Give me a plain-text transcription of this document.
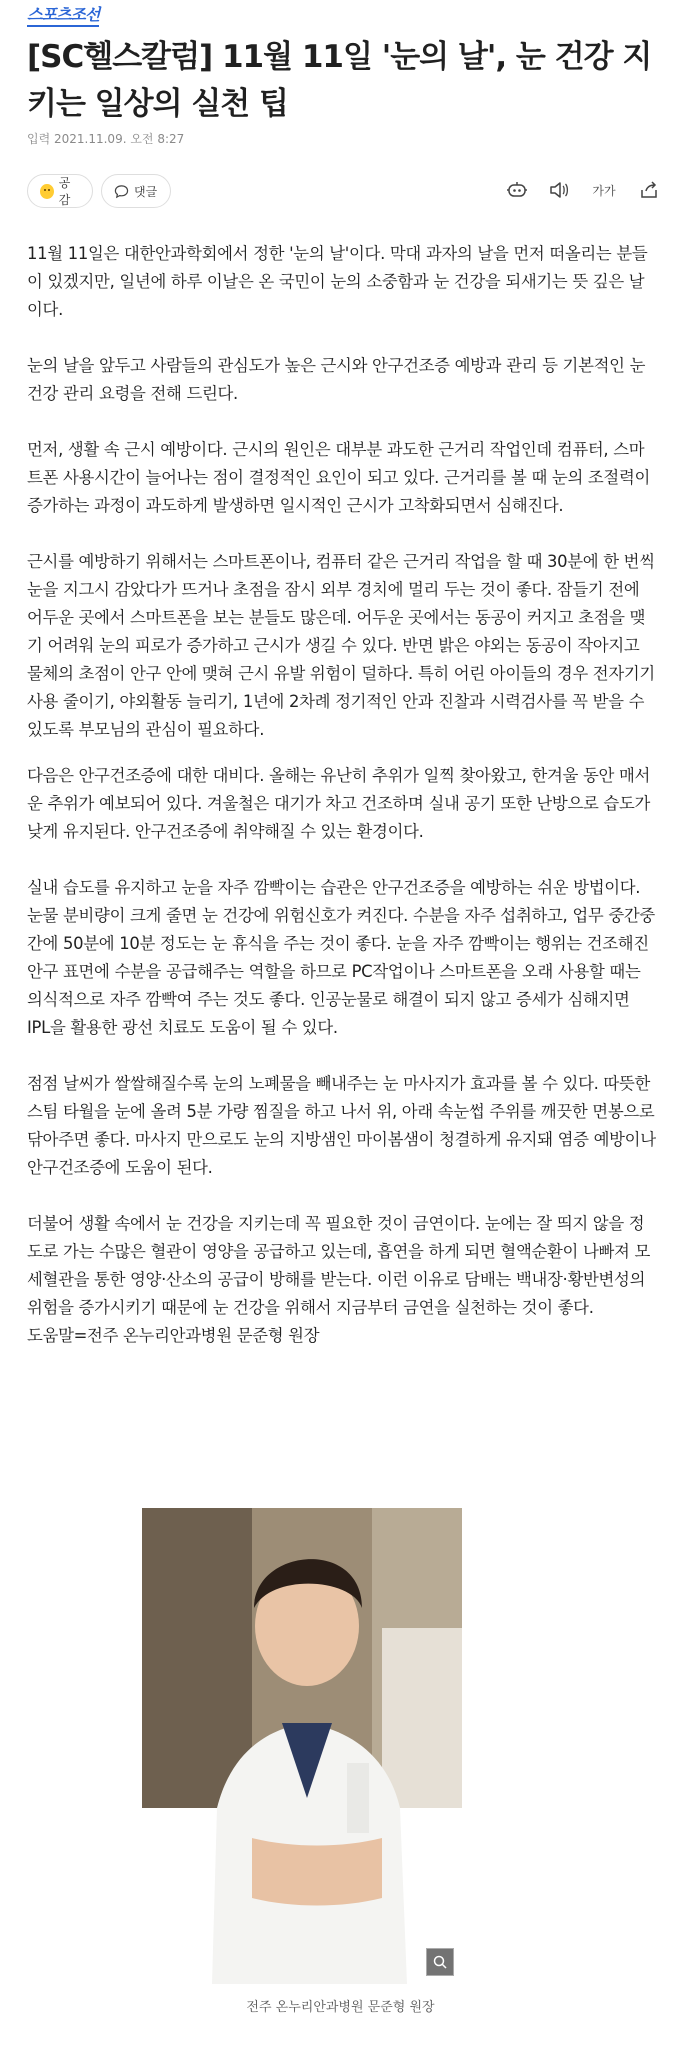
스포츠조선
[SC헬스칼럼] 11월 11일 '눈의 날', 눈 건강 지키는 일상의 실천 팁
입력 2021.11.09. 오전 8:27
공감
댓글	가가

11월 11일은 대한안과학회에서 정한 '눈의 날'이다. 막대 과자의 날을 먼저 떠올리는 분들이 있겠지만, 일년에 하루 이날은 온 국민이 눈의 소중함과 눈 건강을 되새기는 뜻 깊은 날이다.

눈의 날을 앞두고 사람들의 관심도가 높은 근시와 안구건조증 예방과 관리 등 기본적인 눈 건강 관리 요령을 전해 드린다.

먼저, 생활 속 근시 예방이다. 근시의 원인은 대부분 과도한 근거리 작업인데 컴퓨터, 스마트폰 사용시간이 늘어나는 점이 결정적인 요인이 되고 있다. 근거리를 볼 때 눈의 조절력이 증가하는 과정이 과도하게 발생하면 일시적인 근시가 고착화되면서 심해진다.

근시를 예방하기 위해서는 스마트폰이나, 컴퓨터 같은 근거리 작업을 할 때 30분에 한 번씩 눈을 지그시 감았다가 뜨거나 초점을 잠시 외부 경치에 멀리 두는 것이 좋다. 잠들기 전에 어두운 곳에서 스마트폰을 보는 분들도 많은데. 어두운 곳에서는 동공이 커지고 초점을 맺기 어려워 눈의 피로가 증가하고 근시가 생길 수 있다. 반면 밝은 야외는 동공이 작아지고 물체의 초점이 안구 안에 맺혀 근시 유발 위험이 덜하다. 특히 어린 아이들의 경우 전자기기 사용 줄이기, 야외활동 늘리기, 1년에 2차례 정기적인 안과 진찰과 시력검사를 꼭 받을 수 있도록 부모님의 관심이 필요하다.

다음은 안구건조증에 대한 대비다. 올해는 유난히 추위가 일찍 찾아왔고, 한겨울 동안 매서운 추위가 예보되어 있다. 겨울철은 대기가 차고 건조하며 실내 공기 또한 난방으로 습도가 낮게 유지된다. 안구건조증에 취약해질 수 있는 환경이다.

실내 습도를 유지하고 눈을 자주 깜빡이는 습관은 안구건조증을 예방하는 쉬운 방법이다. 눈물 분비량이 크게 줄면 눈 건강에 위험신호가 켜진다. 수분을 자주 섭취하고, 업무 중간중간에 50분에 10분 정도는 눈 휴식을 주는 것이 좋다. 눈을 자주 깜빡이는 행위는 건조해진 안구 표면에 수분을 공급해주는 역할을 하므로 PC작업이나 스마트폰을 오래 사용할 때는 의식적으로 자주 깜빡여 주는 것도 좋다. 인공눈물로 해결이 되지 않고 증세가 심해지면 IPL을 활용한 광선 치료도 도움이 될 수 있다.

점점 날씨가 쌀쌀해질수록 눈의 노폐물을 빼내주는 눈 마사지가 효과를 볼 수 있다. 따뜻한 스팀 타월을 눈에 올려 5분 가량 찜질을 하고 나서 위, 아래 속눈썹 주위를 깨끗한 면봉으로 닦아주면 좋다. 마사지 만으로도 눈의 지방샘인 마이봄샘이 청결하게 유지돼 염증 예방이나 안구건조증에 도움이 된다.

더불어 생활 속에서 눈 건강을 지키는데 꼭 필요한 것이 금연이다. 눈에는 잘 띄지 않을 정도로 가는 수많은 혈관이 영양을 공급하고 있는데, 흡연을 하게 되면 혈액순환이 나빠져 모세혈관을 통한 영양·산소의 공급이 방해를 받는다. 이런 이유로 담배는 백내장·황반변성의 위험을 증가시키기 때문에 눈 건강을 위해서 지금부터 금연을 실천하는 것이 좋다.

도움말=전주 온누리안과병원 문준형 원장

전주 온누리안과병원 문준형 원장
